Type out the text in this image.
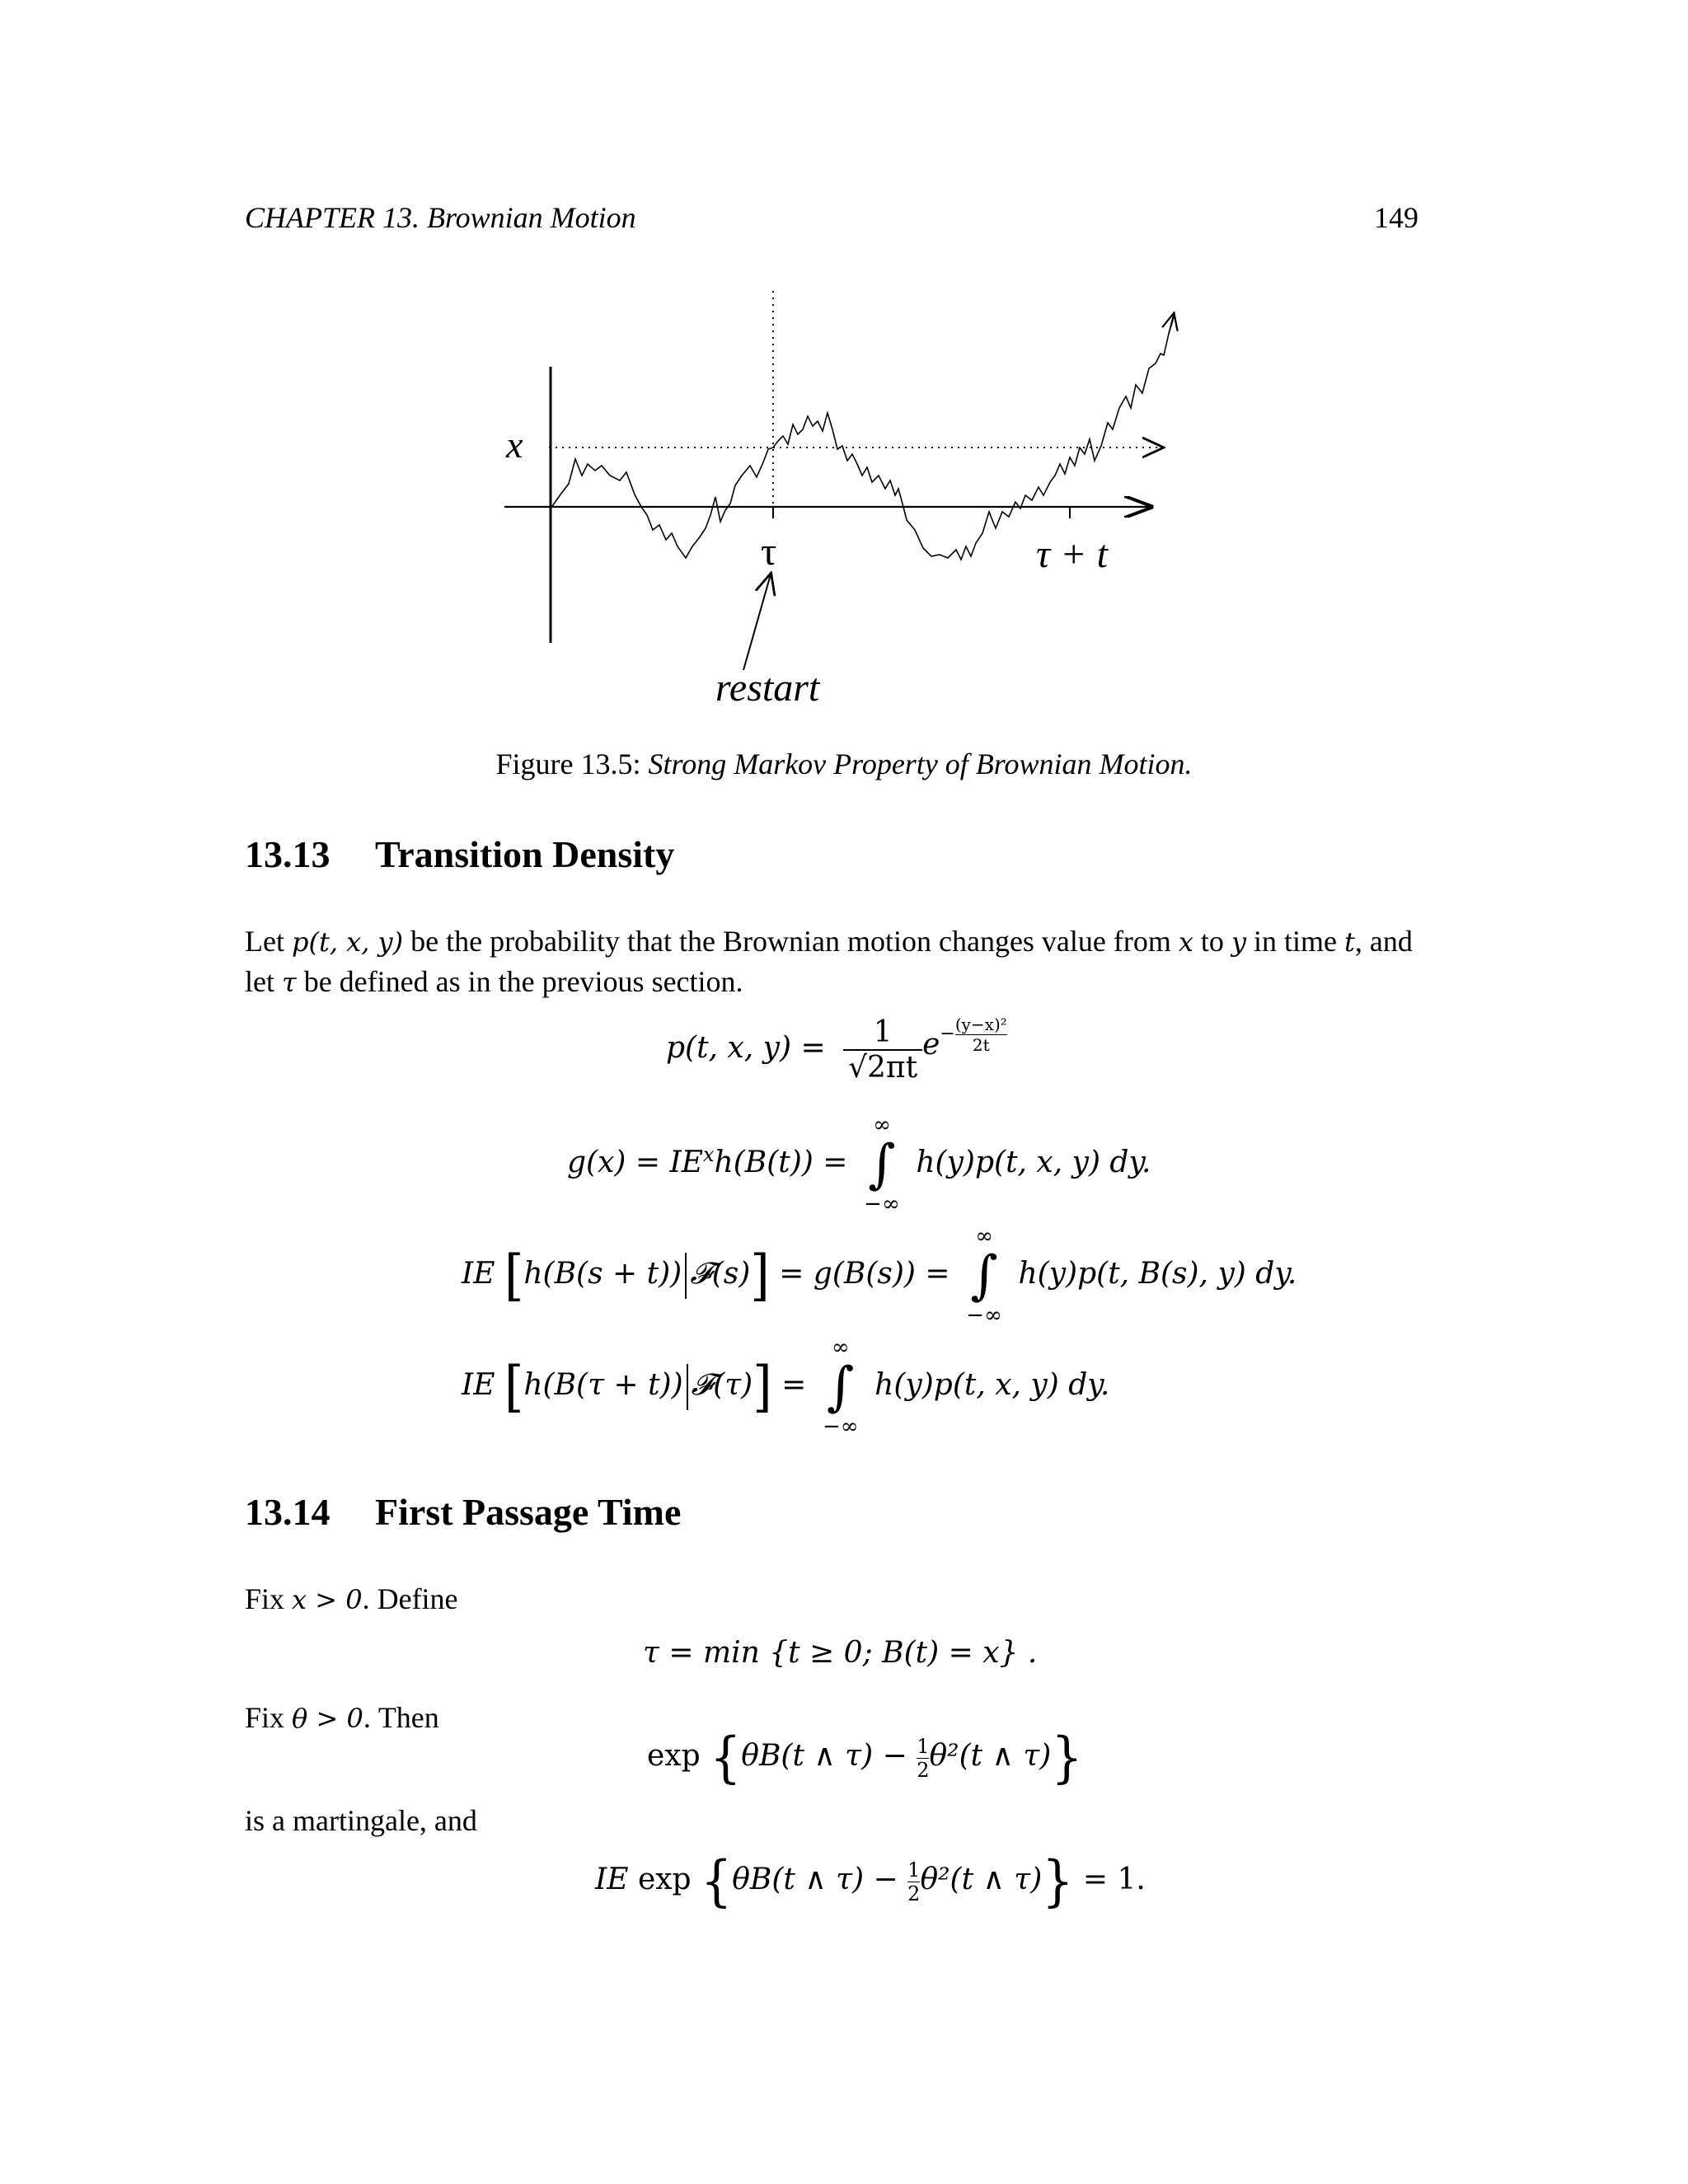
CHAPTER 13. Brownian Motion	149
x
τ	τ + t
restart
Figure 13.5: Strong Markov Property of Brownian Motion.
13.13 Transition Density
Let p(t, x, y) be the probability that the Brownian motion changes value from x to y in time t, and
let τ be defined as in the previous section.
p(t, x, $y) = \frac{1}{√2\pi t} e^{- \frac{\text{(y−x)²}}{2t}}$
$g(x) = IE^xh(B(t))$ =
∞
∫
−∞
h(y)p(t, x, y) dy.
IE [h(B(s + t)) 𝓕(s)] = g(B(s)) =
∞
∫
−∞
h(y)p(t, B(s), y) dy.
IE [h(B(τ + t)) 𝓕(τ)] =
∞
∫
−∞
h(y)p(t, x, y) dy.
13.14 First Passage Time
Fix x > 0. Define
τ = min {t ≥ 0; B(t) = x} .
Fix θ > 0. Then
exp {θB(t ∧ $\tau) - \frac{1}{2} \theta^2(t$ ∧ τ)}
is a martingale, and
IE exp {θB(t ∧ $\tau) - \frac{1}{2} \theta^2(t$ ∧ τ)} = 1.
